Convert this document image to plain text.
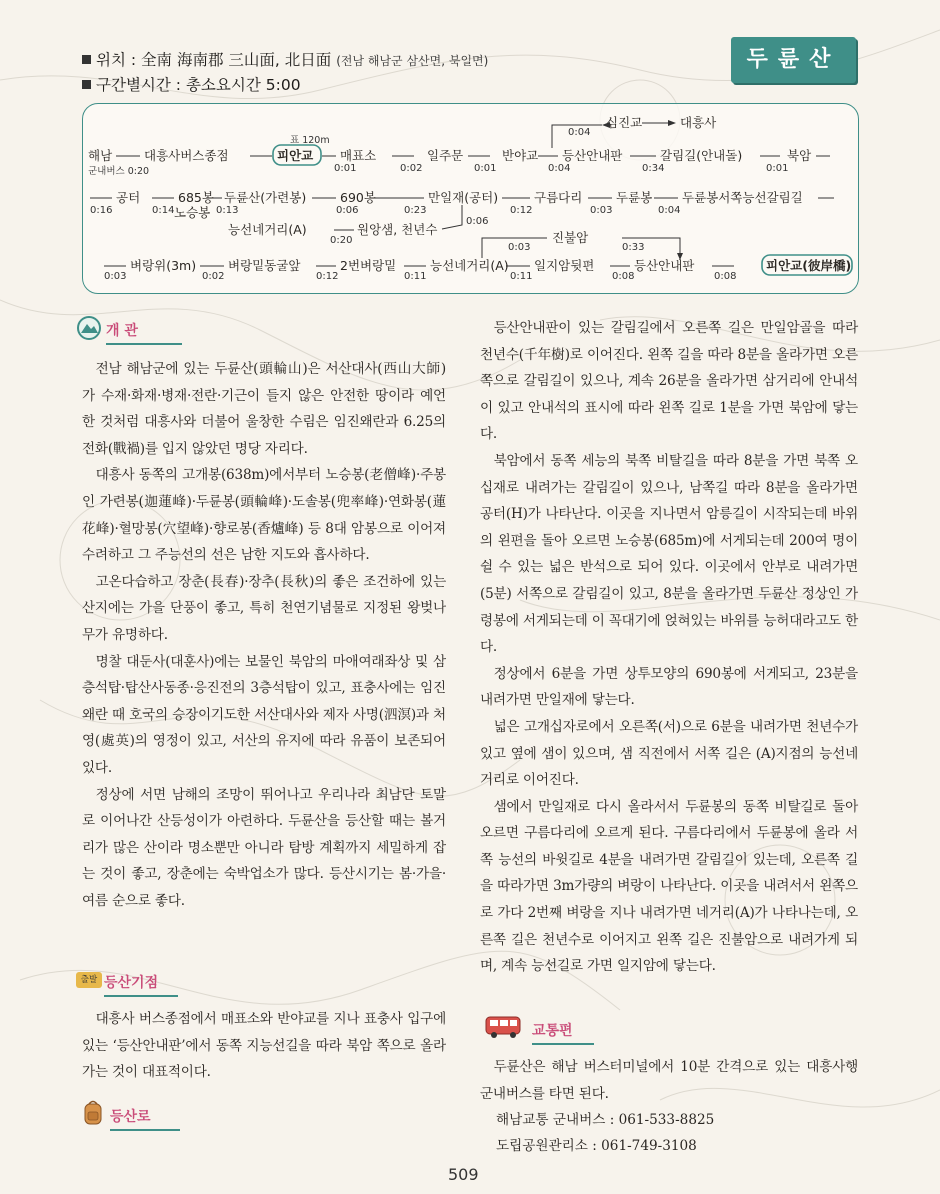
위치 : 全南 海南郡 三山面, 北日面 (전남 해남군 삼산면, 북일면)
구간별시간 : 총소요시간 5:00
두륜산
해남
군내버스 0:20
대흥사버스종점
표 120m
피안교
0:01
매표소
0:02
일주문
0:01
반야교
0:04
등산안내판
0:34
갈림길(안내돌)
0:01
북암
0:04
심진교	대흥사
0:16
공터
0:14
685봉
노승봉 0:13
두륜산(가련봉)
0:06
690봉
0:23
만일재(공터)
0:12
구름다리
0:03
두륜봉
0:04
두륜봉서쪽능선갈림길
0:06
능선네거리(A)
0:20
원앙샘, 천년수
0:03
벼랑위(3m)
0:02
벼랑밑동굴앞
0:12
2번벼랑밑
0:11
능선네거리(A)
0:11
일지암뒷편
0:08
등산안내판
0:08
피안교(彼岸橋)
0:03
진불암
0:33
개 관

전남 해남군에 있는 두륜산(頭輪山)은 서산대사(西山大師)가 수재·화재·병재·전란·기근이 들지 않은 안전한 땅이라 예언한 것처럼 대흥사와 더불어 울창한 수림은 임진왜란과 6.25의 전화(戰禍)를 입지 않았던 명당 자리다.

대흥사 동쪽의 고개봉(638m)에서부터 노승봉(老僧峰)·주봉인 가련봉(迦蓮峰)·두륜봉(頭輪峰)·도솔봉(兜率峰)·연화봉(蓮花峰)·혈망봉(穴望峰)·향로봉(香爐峰) 등 8대 암봉으로 이어져 수려하고 그 주능선의 선은 남한 지도와 흡사하다.

고온다습하고 장춘(長春)·장추(長秋)의 좋은 조건하에 있는 산지에는 가을 단풍이 좋고, 특히 천연기념물로 지정된 왕벚나무가 유명하다.

명찰 대둔사(대훈사)에는 보물인 북암의 마애여래좌상 및 삼층석탑·탑산사동종·응진전의 3층석탑이 있고, 표충사에는 임진왜란 때 호국의 승장이기도한 서산대사와 제자 사명(泗溟)과 처영(處英)의 영정이 있고, 서산의 유지에 따라 유품이 보존되어 있다.

정상에 서면 남해의 조망이 뛰어나고 우리나라 최남단 토말로 이어나간 산등성이가 아련하다. 두륜산을 등산할 때는 볼거리가 많은 산이라 명소뿐만 아니라 탐방 계획까지 세밀하게 잡는 것이 좋고, 장춘에는 숙박업소가 많다. 등산시기는 봄·가을·여름 순으로 좋다.

출발 등산기점

대흥사 버스종점에서 매표소와 반야교를 지나 표충사 입구에 있는 ‘등산안내판’에서 동쪽 지능선길을 따라 북암 쪽으로 올라가는 것이 대표적이다.

등산로

등산안내판이 있는 갈림길에서 오른쪽 길은 만일암골을 따라 천년수(千年樹)로 이어진다. 왼쪽 길을 따라 8분을 올라가면 오른쪽으로 갈림길이 있으나, 계속 26분을 올라가면 삼거리에 안내석이 있고 안내석의 표시에 따라 왼쪽 길로 1분을 가면 북암에 닿는다.

북암에서 동쪽 세능의 북쪽 비탈길을 따라 8분을 가면 북쪽 오십재로 내려가는 갈림길이 있으나, 남쪽길 따라 8분을 올라가면 공터(H)가 나타난다. 이곳을 지나면서 암릉길이 시작되는데 바위의 왼편을 돌아 오르면 노승봉(685m)에 서게되는데 200여 명이 쉴 수 있는 넓은 반석으로 되어 있다. 이곳에서 안부로 내려가면(5분) 서쪽으로 갈림길이 있고, 8분을 올라가면 두륜산 정상인 가령봉에 서게되는데 이 꼭대기에 얹혀있는 바위를 능허대라고도 한다.

정상에서 6분을 가면 상투모양의 690봉에 서게되고, 23분을 내려가면 만일재에 닿는다.

넓은 고개십자로에서 오른쪽(서)으로 6분을 내려가면 천년수가 있고 옆에 샘이 있으며, 샘 직전에서 서쪽 길은 (A)지점의 능선네거리로 이어진다.

샘에서 만일재로 다시 올라서서 두륜봉의 동쪽 비탈길로 돌아 오르면 구름다리에 오르게 된다. 구름다리에서 두륜봉에 올라 서쪽 능선의 바윗길로 4분을 내려가면 갈림길이 있는데, 오른쪽 길을 따라가면 3m가량의 벼랑이 나타난다. 이곳을 내려서서 왼쪽으로 가다 2번째 벼랑을 지나 내려가면 네거리(A)가 나타나는데, 오른쪽 길은 천년수로 이어지고 왼쪽 길은 진불암으로 내려가게 되며, 계속 능선길로 가면 일지암에 닿는다.

교통편

두륜산은 해남 버스터미널에서 10분 간격으로 있는 대흥사행 군내버스를 타면 된다.

해남교통 군내버스 : 061-533-8825
도립공원관리소 : 061-749-3108
509
